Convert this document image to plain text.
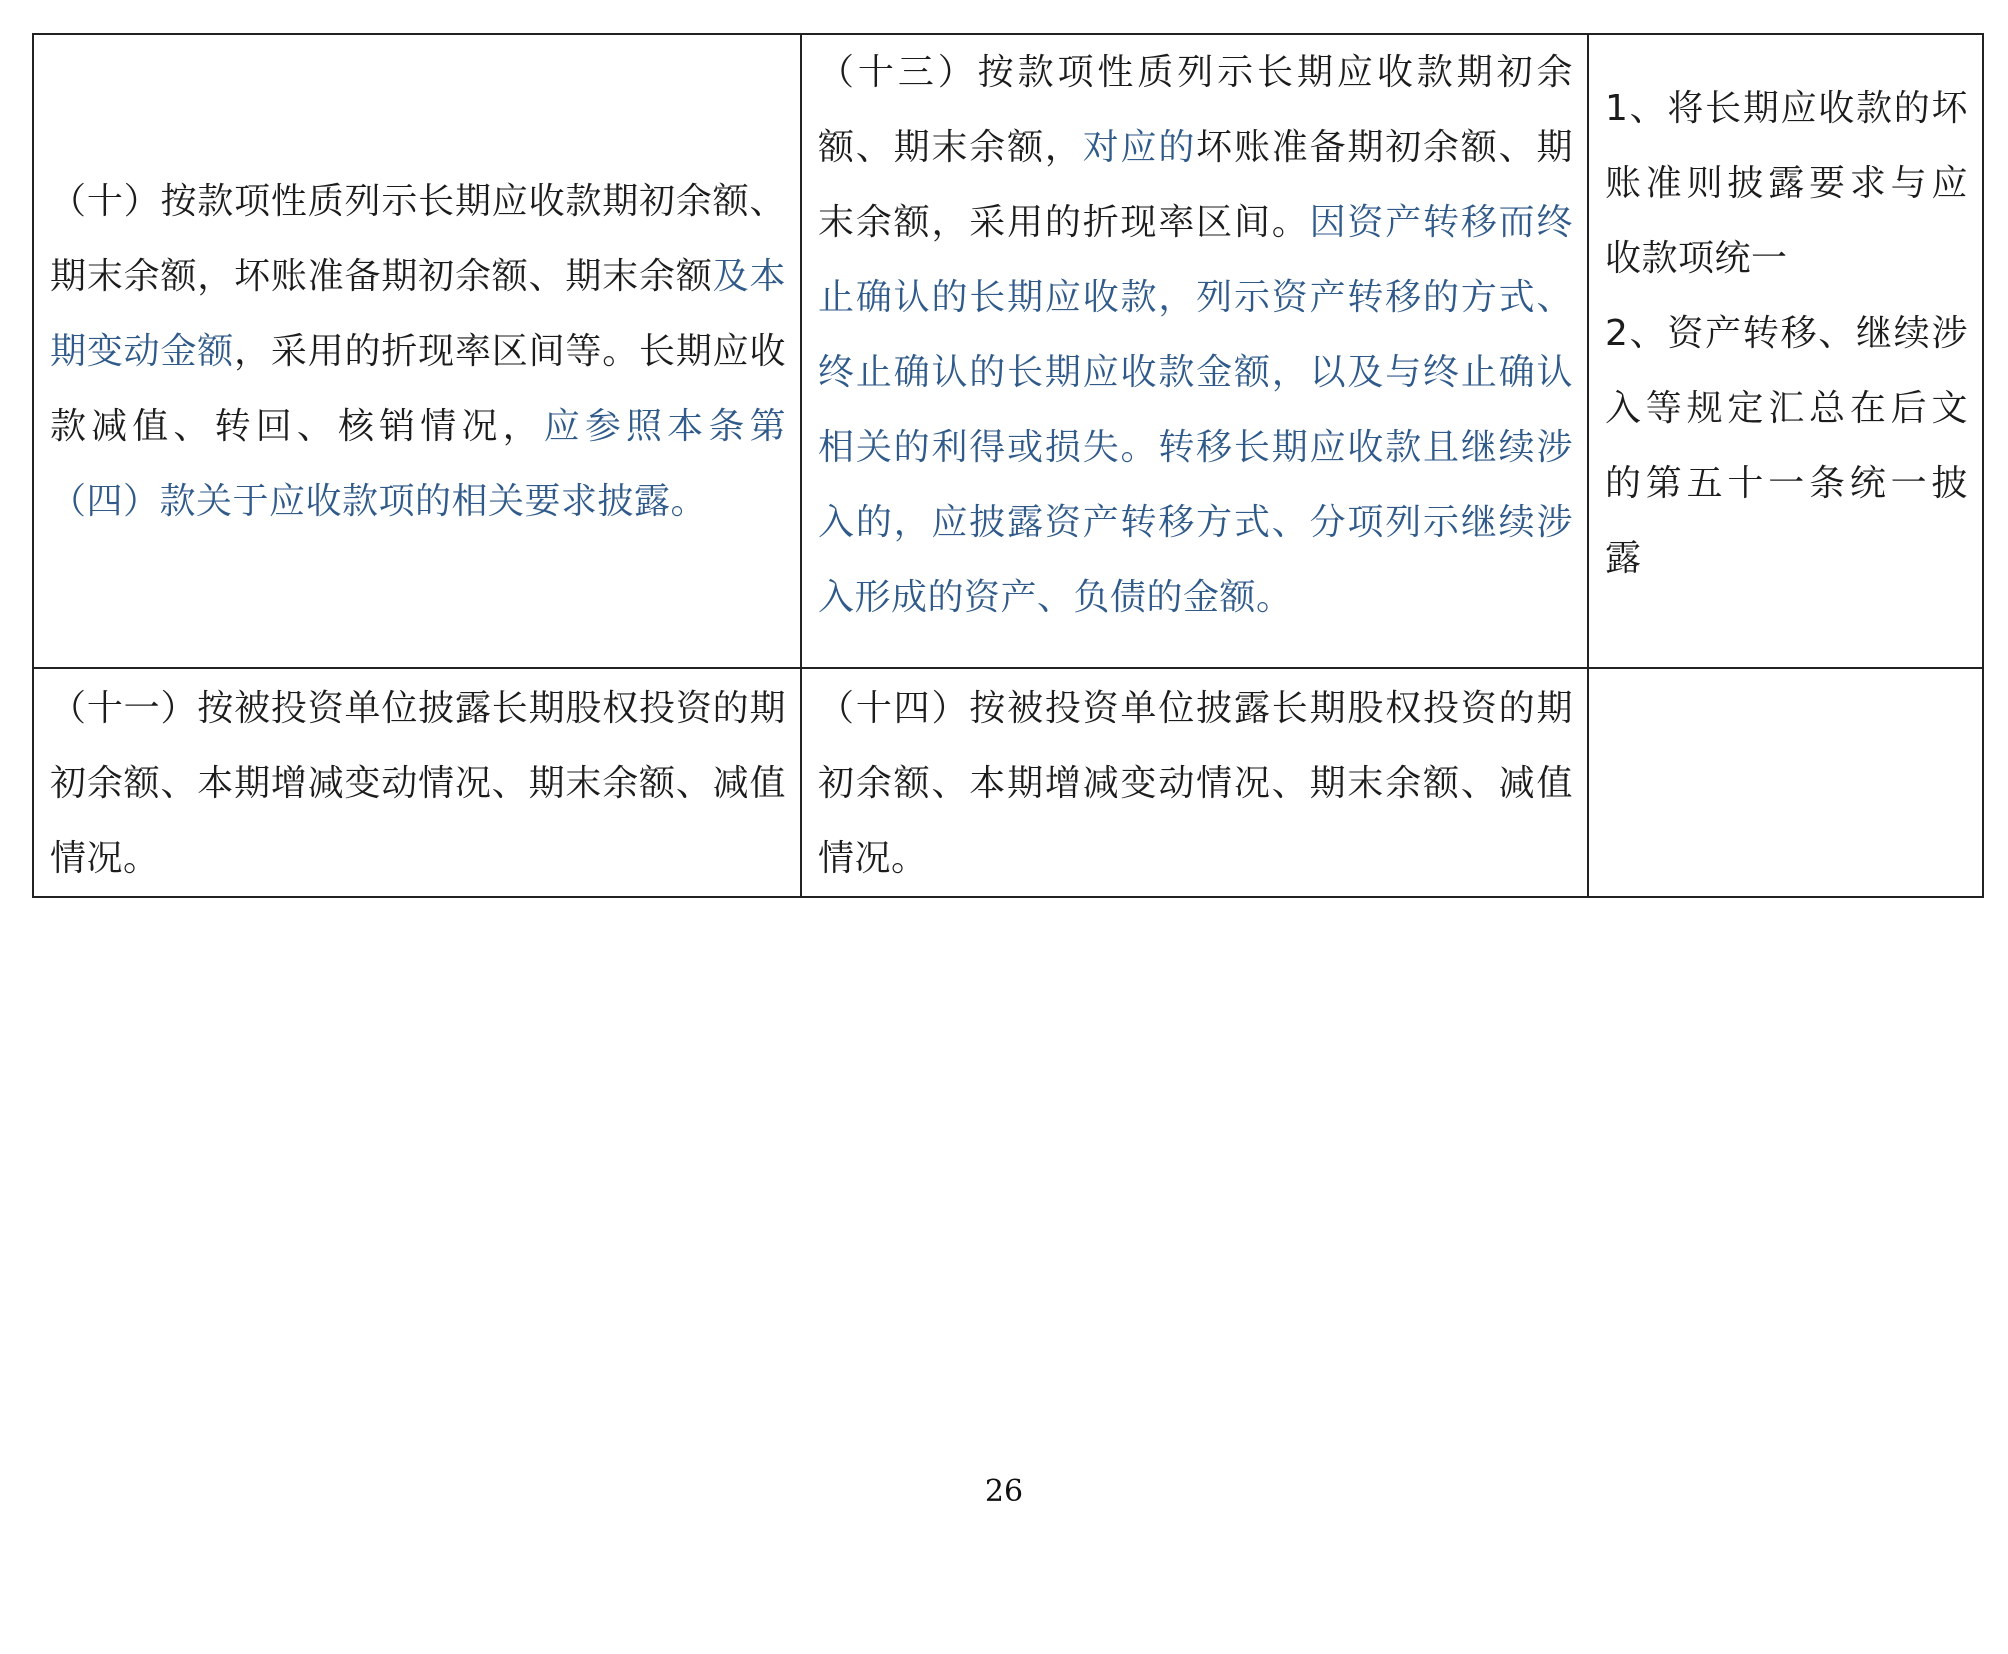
（十）按款项性质列示长期应收款期初余额、期末余额，坏账准备期初余额、期末余额及本期变动金额，采用的折现率区间等。长期应收款减值、转回、核销情况，应参照本条第（四）款关于应收款项的相关要求披露。	（十三）按款项性质列示长期应收款期初余额、期末余额，对应的坏账准备期初余额、期末余额，采用的折现率区间。因资产转移而终止确认的长期应收款，列示资产转移的方式、终止确认的长期应收款金额，以及与终止确认相关的利得或损失。转移长期应收款且继续涉入的，应披露资产转移方式、分项列示继续涉入形成的资产、负债的金额。	1、将长期应收款的坏账准则披露要求与应收款项统一
2、资产转移、继续涉入等规定汇总在后文的第五十一条统一披露

（十一）按被投资单位披露长期股权投资的期初余额、本期增减变动情况、期末余额、减值情况。	（十四）按被投资单位披露长期股权投资的期初余额、本期增减变动情况、期末余额、减值情况。	
26
